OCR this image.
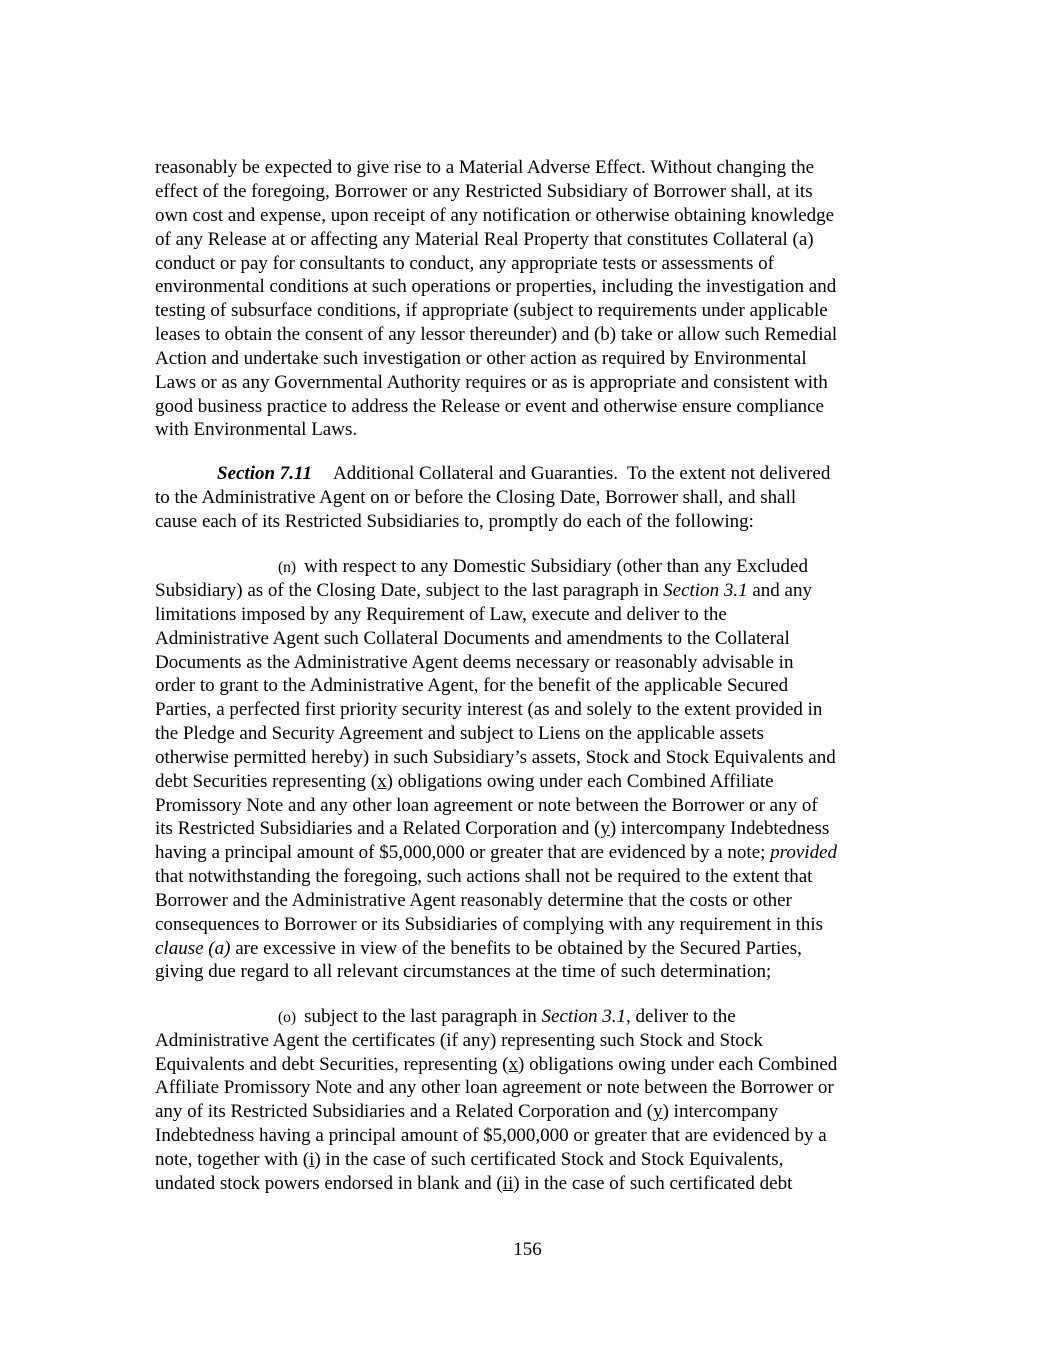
reasonably be expected to give rise to a Material Adverse Effect. Without changing the
effect of the foregoing, Borrower or any Restricted Subsidiary of Borrower shall, at its
own cost and expense, upon receipt of any notification or otherwise obtaining knowledge
of any Release at or affecting any Material Real Property that constitutes Collateral (a)
conduct or pay for consultants to conduct, any appropriate tests or assessments of
environmental conditions at such operations or properties, including the investigation and
testing of subsurface conditions, if appropriate (subject to requirements under applicable
leases to obtain the consent of any lessor thereunder) and (b) take or allow such Remedial
Action and undertake such investigation or other action as required by Environmental
Laws or as any Governmental Authority requires or as is appropriate and consistent with
good business practice to address the Release or event and otherwise ensure compliance
with Environmental Laws.
Section 7.11 Additional Collateral and Guaranties. To the extent not delivered
to the Administrative Agent on or before the Closing Date, Borrower shall, and shall
cause each of its Restricted Subsidiaries to, promptly do each of the following:
(n) with respect to any Domestic Subsidiary (other than any Excluded
Subsidiary) as of the Closing Date, subject to the last paragraph in Section 3.1 and any
limitations imposed by any Requirement of Law, execute and deliver to the
Administrative Agent such Collateral Documents and amendments to the Collateral
Documents as the Administrative Agent deems necessary or reasonably advisable in
order to grant to the Administrative Agent, for the benefit of the applicable Secured
Parties, a perfected first priority security interest (as and solely to the extent provided in
the Pledge and Security Agreement and subject to Liens on the applicable assets
otherwise permitted hereby) in such Subsidiary’s assets, Stock and Stock Equivalents and
debt Securities representing (x) obligations owing under each Combined Affiliate
Promissory Note and any other loan agreement or note between the Borrower or any of
its Restricted Subsidiaries and a Related Corporation and (y) intercompany Indebtedness
having a principal amount of $5,000,000 or greater that are evidenced by a note; provided
that notwithstanding the foregoing, such actions shall not be required to the extent that
Borrower and the Administrative Agent reasonably determine that the costs or other
consequences to Borrower or its Subsidiaries of complying with any requirement in this
clause (a) are excessive in view of the benefits to be obtained by the Secured Parties,
giving due regard to all relevant circumstances at the time of such determination;
(o) subject to the last paragraph in Section 3.1, deliver to the
Administrative Agent the certificates (if any) representing such Stock and Stock
Equivalents and debt Securities, representing (x) obligations owing under each Combined
Affiliate Promissory Note and any other loan agreement or note between the Borrower or
any of its Restricted Subsidiaries and a Related Corporation and (y) intercompany
Indebtedness having a principal amount of $5,000,000 or greater that are evidenced by a
note, together with (i) in the case of such certificated Stock and Stock Equivalents,
undated stock powers endorsed in blank and (ii) in the case of such certificated debt
156
